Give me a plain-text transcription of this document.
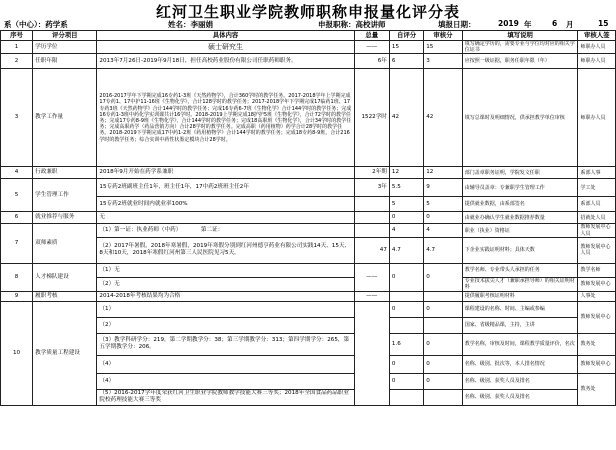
红河卫生职业学院教师职称申报量化评分表
系（中心）：药学系	姓名：李丽娟	申报职称：高校讲师	填报日期：	2019 年	6 月	15
序号	评分项目	具体内容	总量	自评分	审核分	填写说明	审核人签
1	学历学位	硕士研究生	——	15	15	填写确定学历的，需要专业与学位均对应的相关学位证书	师职办人员
2	任职年限	2013年7月26日-2019年9月18日，担任高校药业股份有限公司任职药师职务。	6年	6	3	应按照一级证据，职务任职年限（年）	师职办人员
3	教学工作量	2016-2017学年下学期完成16专药1-3班《天然药物学》，合计360学时的教学任务。2017-2018学年上学期完成17专药1、17中护11-16班《生物化学》，合计128学时的教学任务；2017-2018学年下学期完成17临药1班、17专药3班《天然药物学》合计144学时的教学任务；完成16专药6-7班《生物化学》合计144学时的教学任务；完成16专药1-3班中药化学实训课共计16学时。2018-2019上学期完成18护护5班《生物化学》，合计72学时的教学任务；完成17专药8-9班《生物化学》，合计144学时的教学任务；完成18高职班《生物化学》，合计34学时的教学任务；完成高职药学（药品营销方向）合计28学时的教学任务。完成高职（药用植物）药学合计28学时的教学任务。2018-2019下学期完成17中药1-2班《药用植物学》合计144学时的教学任务；完成18专药8-9班，合计216学时的教学任务；综合实训中药性状鉴定模块合计28学时。	1522学时	42	42	填写总课时及明细情况，供承担教学单位审核	师职办人员
4	行政兼职	2018年9月开始在药学系兼职	2年期	12	12	部门盖章职务证明，学院发文任职	系部人事
5	学生管理工作	15专药2班副班主任1年，班主任1年，17中药2班班主任2年	3年	5.5	9	由辅导员盖章：专兼职学生管理工作	学工处
		15专药2班就业时间内就业率100%		5	5	提供就业数据，由系部签名	系部人员
6	就业推荐与服务	无		0	0	由就业办确认学生就业数据推荐数量	招就处人员
7	双师素质	（1）第一证：执业药师（中药）　　　　第二证：		4	4	职业（执业）资格证	教师发展中心人员
		（2）2017年暑假，2018年寒暑假，2019年寒假分别到红河州德亨药业有限公司实践14天、15天、8天和10天，2018年寒假红河州第三人民医院见习5天。	47	4.7	4.7	下企业实践证明材料；具体天数	教师发展中心人员
8	人才梯队建设	（1）无	——	0	0	教学名师、专业带头人承担的任务	教学名师
		（2）无				专业技术拔尖人才（兼职承担导师）的相关证明材料	教师发展中心
9	履职考核	2014-2018年考核结果均为合格	——			提供履职考核证明材料	人事处
10	教学质量工程建设	（1）		0	0	课程建设的名称、时间、主编或参编	教师发展中心
		（2）				国家、省级精品课，主持，主讲	
		（3）教学科研学分：219，第二学期教学分：38；第三学期教学分：313；第四学期学分：265，第五学期教学分：206。		1.6	0	教学名称，审核及时间，课程教学质量评价，名次	教务处
		（4）		0	0	名称、级别、批次等，本人排名情况	教师发展中心
		（4）		0	0	名称、级别、获奖人员及排名	教务处
		（5）2016-2017学年度荣获红河卫生职业学院教师教学技能大赛三等奖；2018年全国食品药品职业院校药理技能大赛三等奖				名称、级别、获奖人员及排名	
